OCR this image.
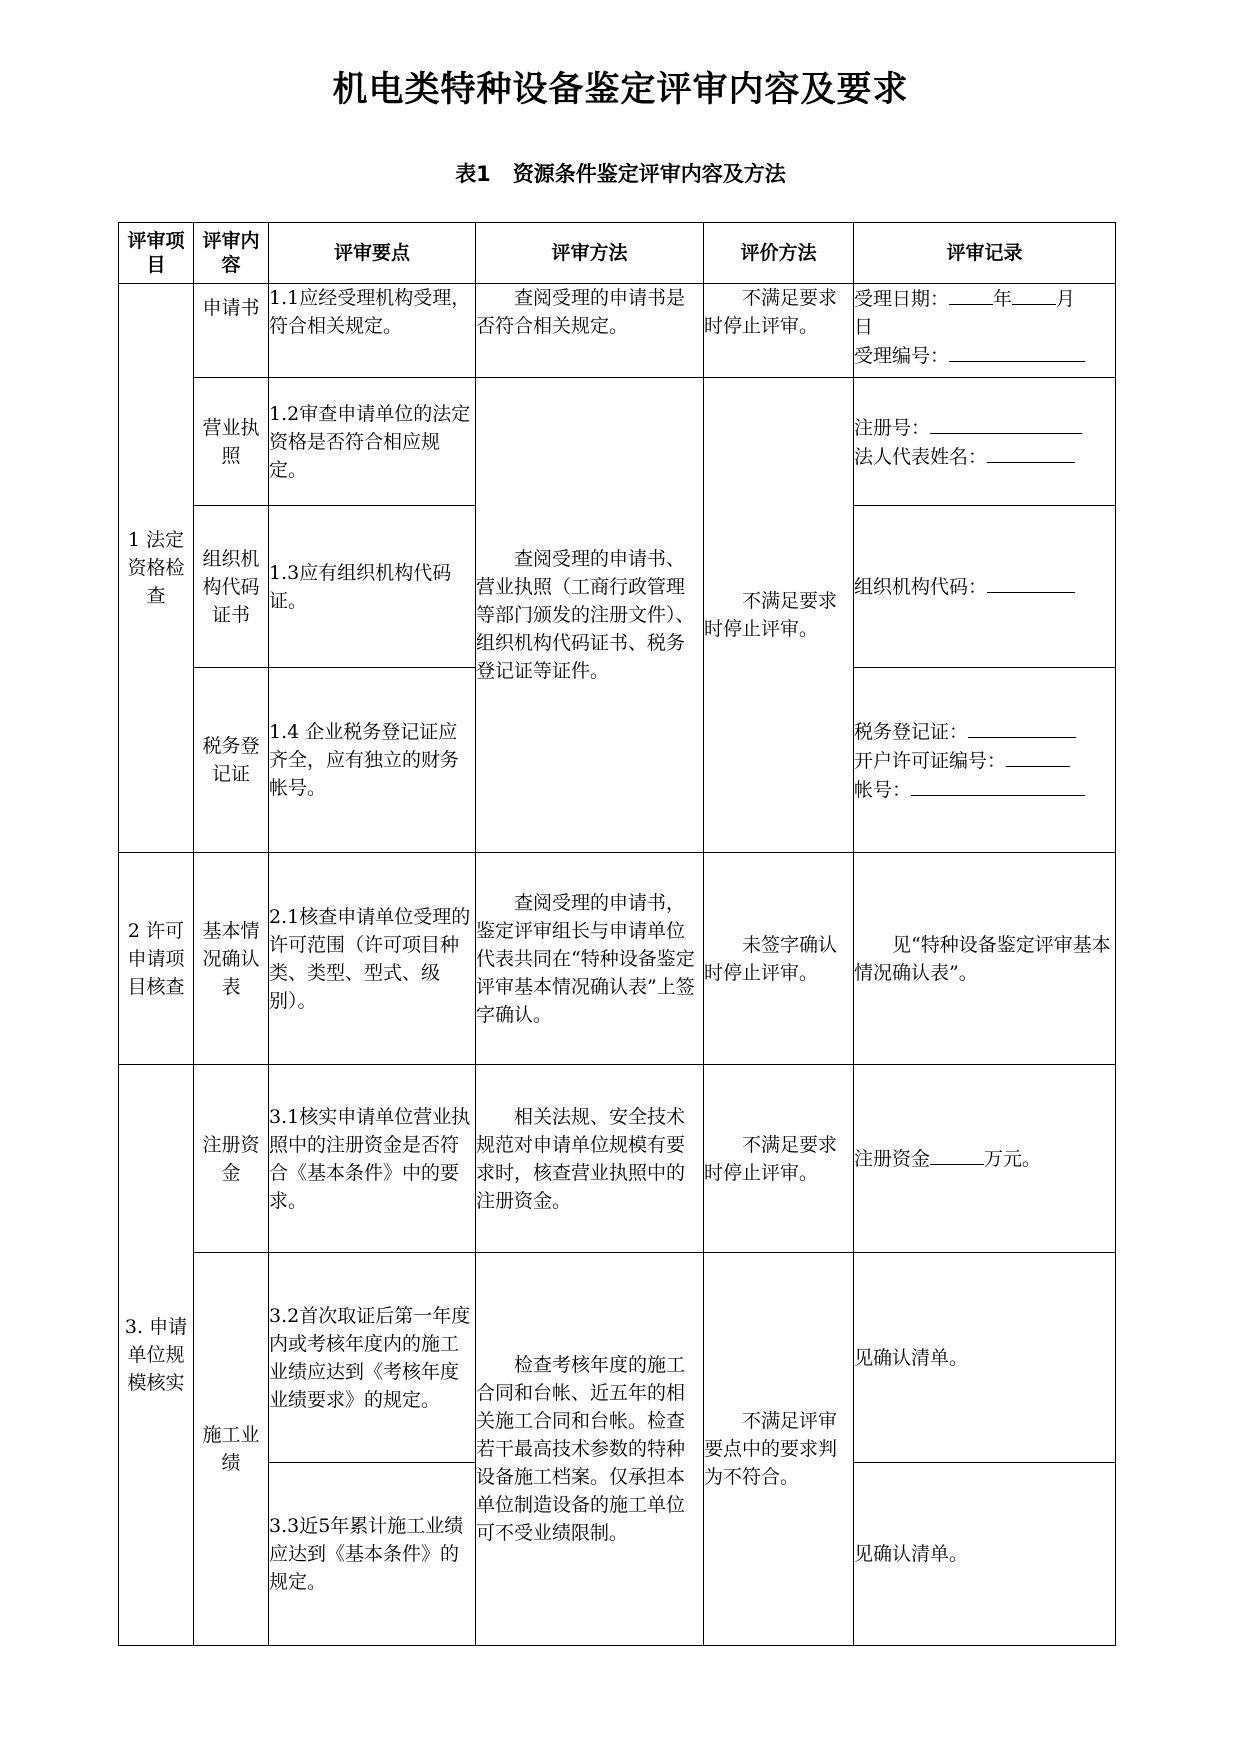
机电类特种设备鉴定评审内容及要求
表1 资源条件鉴定评审内容及方法
评审项目	评审内容	评审要点	评审方法	评价方法	评审记录
1 法定资格检查	申请书	1.1应经受理机构受理，符合相关规定。	查阅受理的申请书是否符合相关规定。	不满足要求时停止评审。	受理日期： 年 月
日
受理编号：

	营业执照	1.2审查申请单位的法定资格是否符合相应规定。	查阅受理的申请书、营业执照（工商行政管理等部门颁发的注册文件）、组织机构代码证书、税务登记证等证件。	不满足要求时停止评审。	注册号：
法人代表姓名：

	组织机构代码证书	1.3应有组织机构代码证。			组织机构代码：

	税务登记证	1.4 企业税务登记证应齐全，应有独立的财务帐号。			税务登记证：
开户许可证编号：
帐号：

2 许可申请项目核查	基本情况确认表	2.1核查申请单位受理的许可范围（许可项目种类、类型、型式、级别）。	查阅受理的申请书，鉴定评审组长与申请单位代表共同在“特种设备鉴定评审基本情况确认表”上签字确认。	未签字确认时停止评审。	见“特种设备鉴定评审基本情况确认表”。
3. 申请单位规模核实	注册资金	3.1核实申请单位营业执照中的注册资金是否符合《基本条件》中的要求。	相关法规、安全技术规范对申请单位规模有要求时，核查营业执照中的注册资金。	不满足要求时停止评审。	注册资金 万元。

	施工业绩	3.2首次取证后第一年度内或考核年度内的施工业绩应达到《考核年度业绩要求》的规定。	检查考核年度的施工合同和台帐、近五年的相关施工合同和台帐。检查若干最高技术参数的特种设备施工档案。仅承担本单位制造设备的施工单位可不受业绩限制。	不满足评审要点中的要求判为不符合。	见确认清单。
		3.3近5年累计施工业绩应达到《基本条件》的规定。			见确认清单。
